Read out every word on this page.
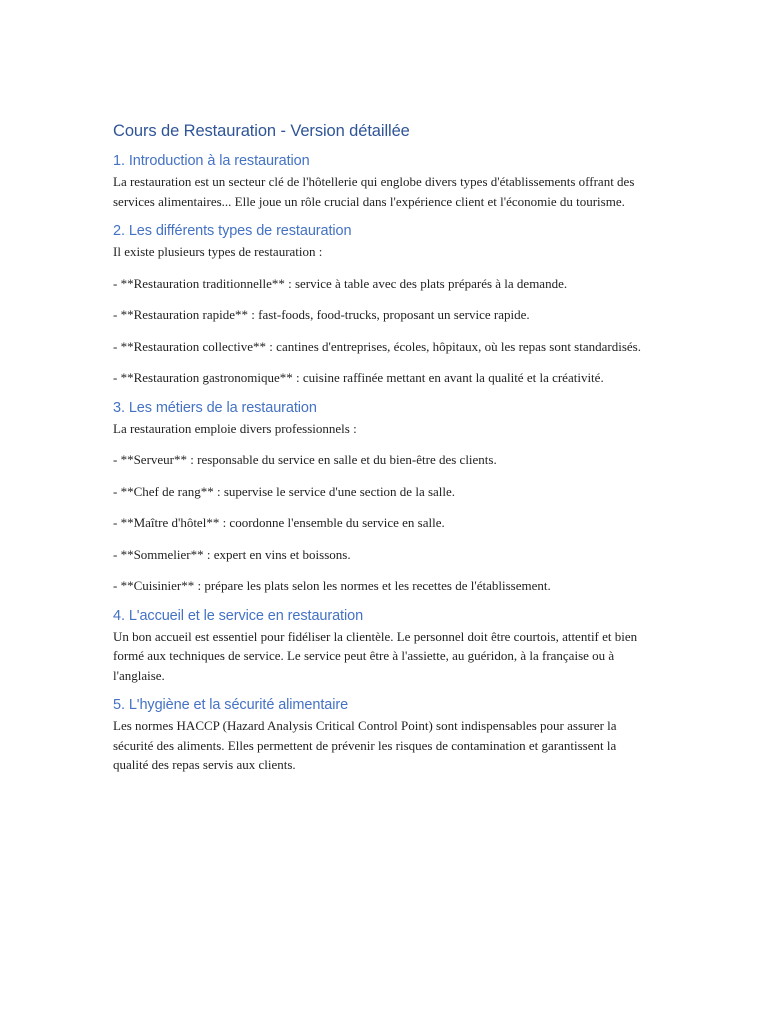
Cours de Restauration - Version détaillée
1. Introduction à la restauration

La restauration est un secteur clé de l'hôtellerie qui englobe divers types d'établissements offrant des services alimentaires... Elle joue un rôle crucial dans l'expérience client et l'économie du tourisme.

2. Les différents types de restauration

Il existe plusieurs types de restauration :

- **Restauration traditionnelle** : service à table avec des plats préparés à la demande.

- **Restauration rapide** : fast-foods, food-trucks, proposant un service rapide.

- **Restauration collective** : cantines d'entreprises, écoles, hôpitaux, où les repas sont standardisés.

- **Restauration gastronomique** : cuisine raffinée mettant en avant la qualité et la créativité.

3. Les métiers de la restauration

La restauration emploie divers professionnels :

- **Serveur** : responsable du service en salle et du bien-être des clients.

- **Chef de rang** : supervise le service d'une section de la salle.

- **Maître d'hôtel** : coordonne l'ensemble du service en salle.

- **Sommelier** : expert en vins et boissons.

- **Cuisinier** : prépare les plats selon les normes et les recettes de l'établissement.

4. L'accueil et le service en restauration

Un bon accueil est essentiel pour fidéliser la clientèle. Le personnel doit être courtois, attentif et bien formé aux techniques de service. Le service peut être à l'assiette, au guéridon, à la française ou à l'anglaise.

5. L'hygiène et la sécurité alimentaire

Les normes HACCP (Hazard Analysis Critical Control Point) sont indispensables pour assurer la sécurité des aliments. Elles permettent de prévenir les risques de contamination et garantissent la qualité des repas servis aux clients.
